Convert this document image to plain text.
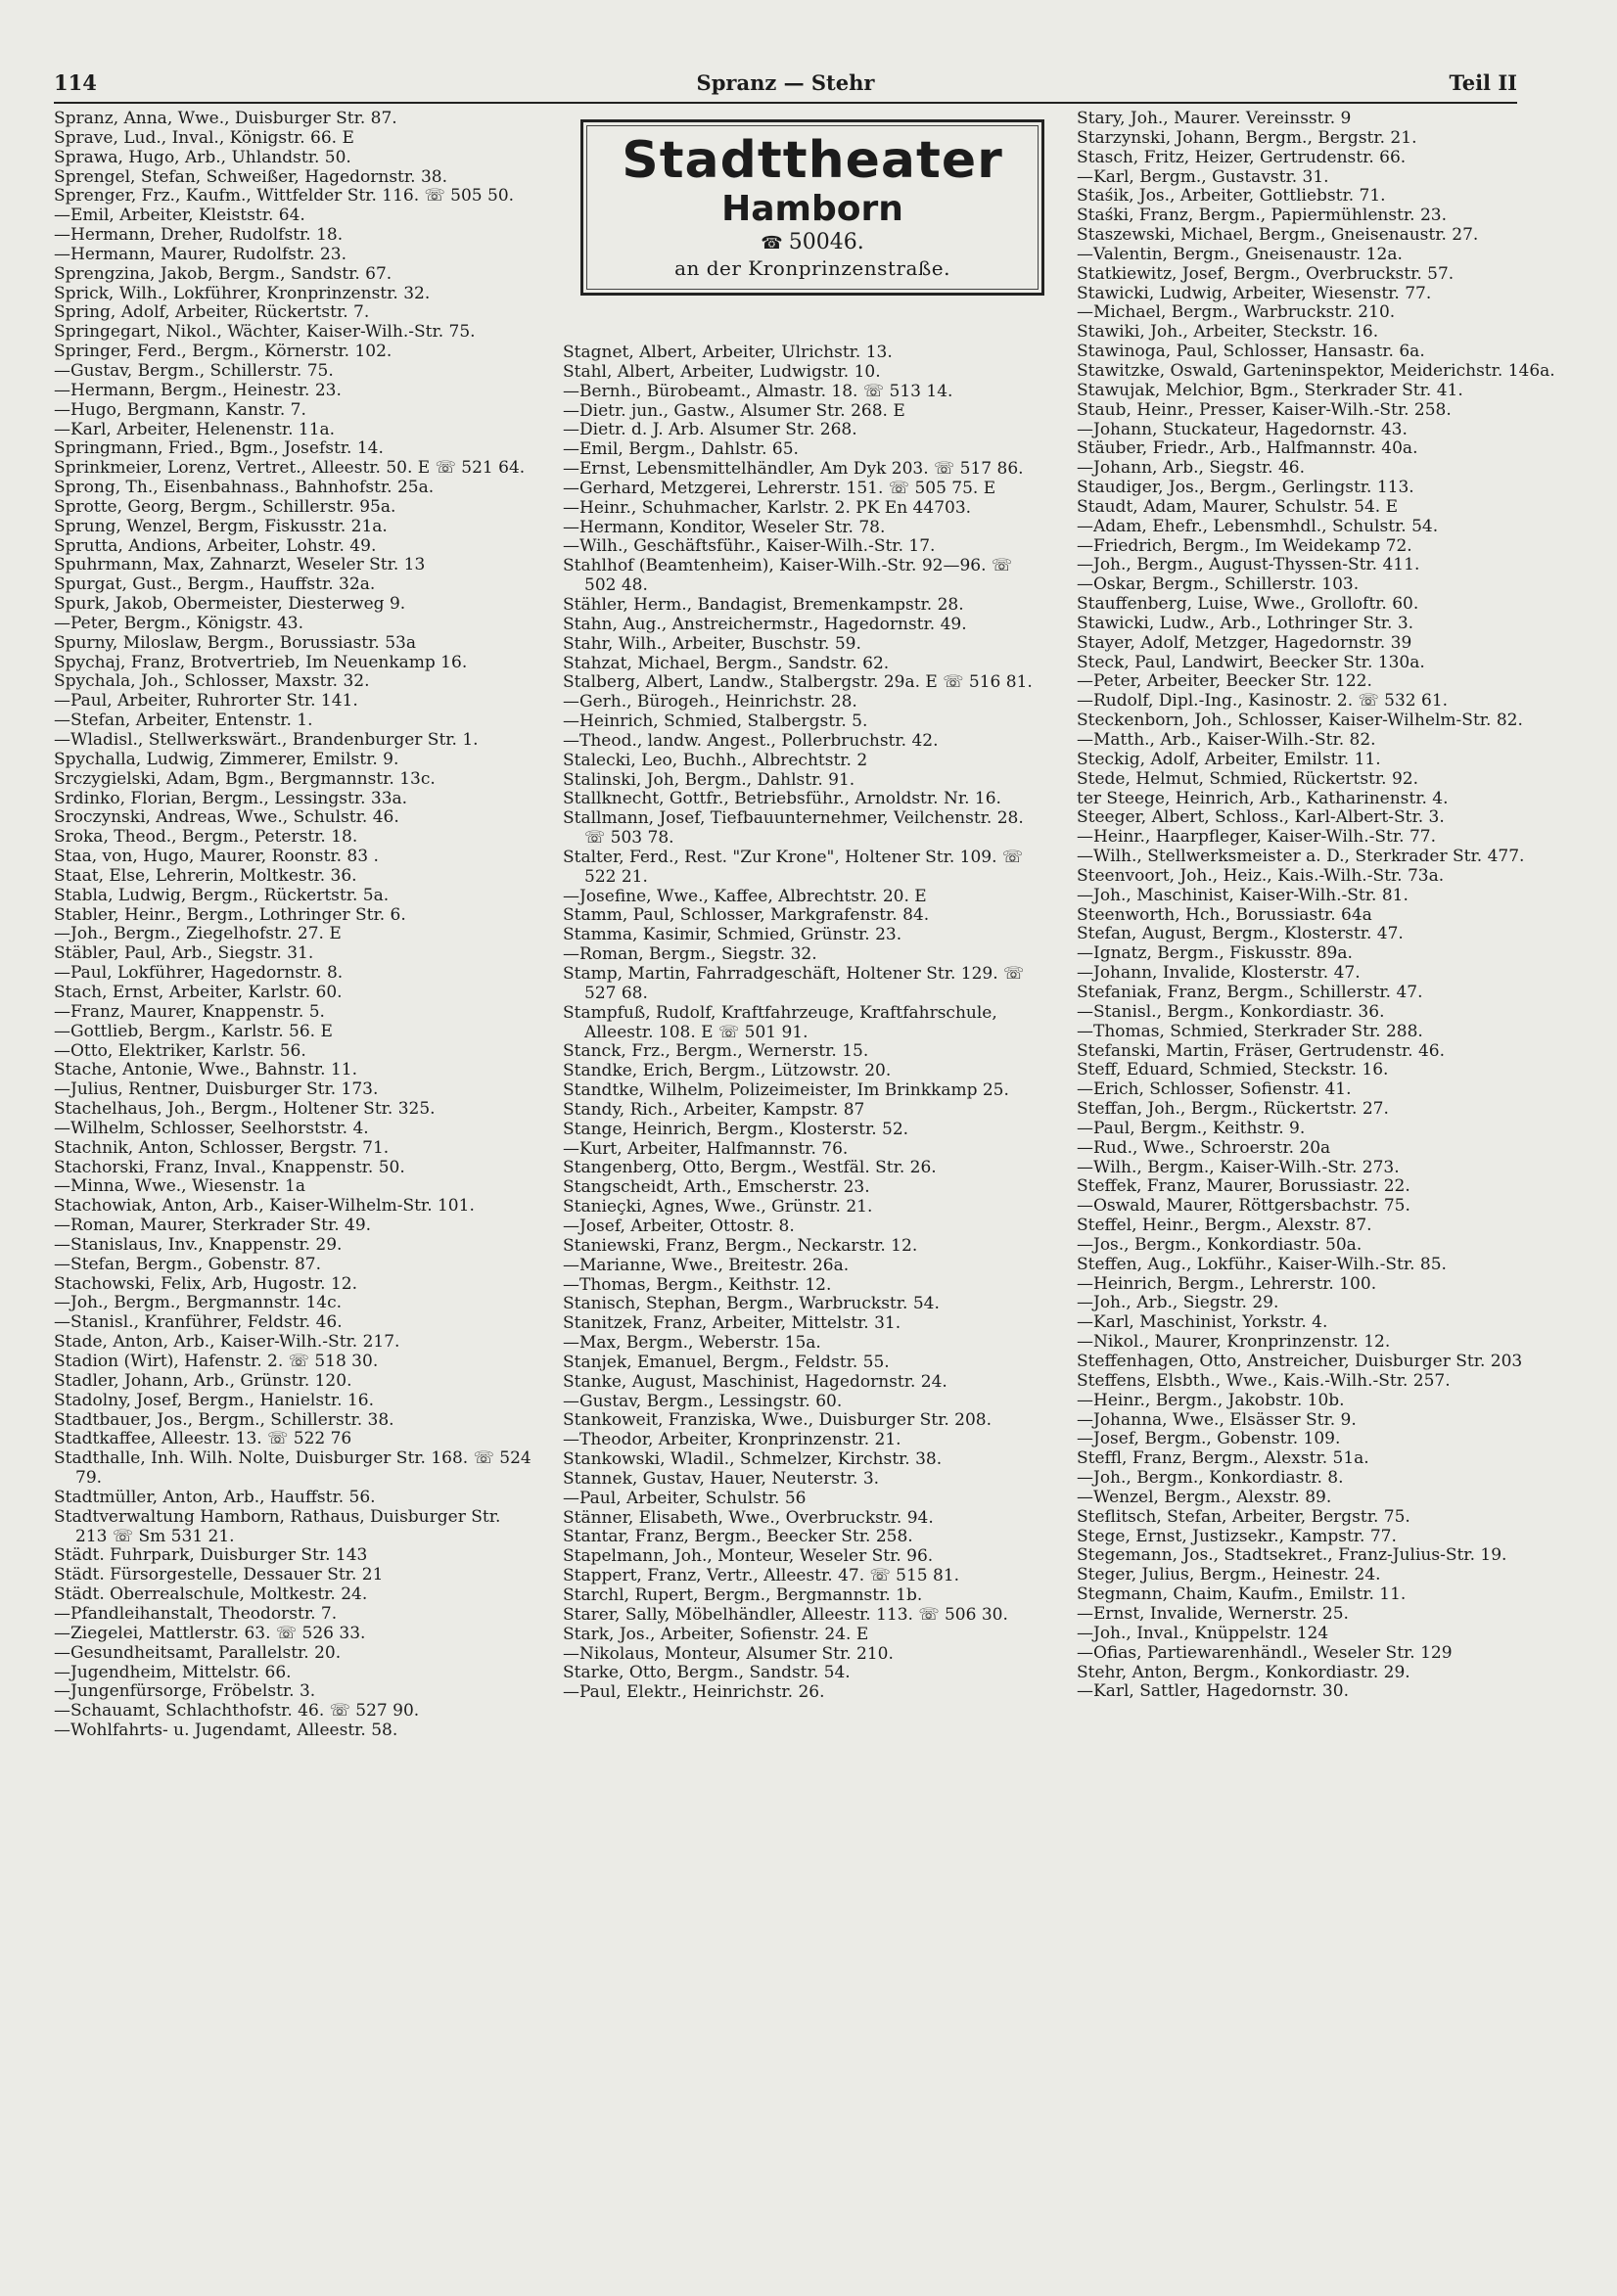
114	Spranz — Stehr	Teil II
Stadttheater
Hamborn
☎ 50046.
an der Kronprinzenstraße.
Spranz, Anna, Wwe., Duisburger Str. 87.
Sprave, Lud., Inval., Königstr. 66. E
Sprawa, Hugo, Arb., Uhlandstr. 50.
Sprengel, Stefan, Schweißer, Hagedornstr. 38.
Sprenger, Frz., Kaufm., Wittfelder Str. 116. ☏ 505 50.
—Emil, Arbeiter, Kleiststr. 64.
—Hermann, Dreher, Rudolfstr. 18.
—Hermann, Maurer, Rudolfstr. 23.
Sprengzina, Jakob, Bergm., Sandstr. 67.
Sprick, Wilh., Lokführer, Kronprinzenstr. 32.
Spring, Adolf, Arbeiter, Rückertstr. 7.
Springegart, Nikol., Wächter, Kaiser-Wilh.-Str. 75.
Springer, Ferd., Bergm., Körnerstr. 102.
—Gustav, Bergm., Schillerstr. 75.
—Hermann, Bergm., Heinestr. 23.
—Hugo, Bergmann, Kanstr. 7.
—Karl, Arbeiter, Helenenstr. 11a.
Springmann, Fried., Bgm., Josefstr. 14.
Sprinkmeier, Lorenz, Vertret., Alleestr. 50. E ☏ 521 64.
Sprong, Th., Eisenbahnass., Bahnhofstr. 25a.
Sprotte, Georg, Bergm., Schillerstr. 95a.
Sprung, Wenzel, Bergm, Fiskusstr. 21a.
Sprutta, Andions, Arbeiter, Lohstr. 49.
Spuhrmann, Max, Zahnarzt, Weseler Str. 13
Spurgat, Gust., Bergm., Hauffstr. 32a.
Spurk, Jakob, Obermeister, Diesterweg 9.
—Peter, Bergm., Königstr. 43.
Spurny, Miloslaw, Bergm., Borussiastr. 53a
Spychaj, Franz, Brotvertrieb, Im Neuenkamp 16.
Spychala, Joh., Schlosser, Maxstr. 32.
—Paul, Arbeiter, Ruhrorter Str. 141.
—Stefan, Arbeiter, Entenstr. 1.
—Wladisl., Stellwerkswärt., Brandenburger Str. 1.
Spychalla, Ludwig, Zimmerer, Emilstr. 9.
Srczygielski, Adam, Bgm., Bergmannstr. 13c.
Srdinko, Florian, Bergm., Lessingstr. 33a.
Sroczynski, Andreas, Wwe., Schulstr. 46.
Sroka, Theod., Bergm., Peterstr. 18.
Staa, von, Hugo, Maurer, Roonstr. 83 .
Staat, Else, Lehrerin, Moltkestr. 36.
Stabla, Ludwig, Bergm., Rückertstr. 5a.
Stabler, Heinr., Bergm., Lothringer Str. 6.
—Joh., Bergm., Ziegelhofstr. 27. E
Stäbler, Paul, Arb., Siegstr. 31.
—Paul, Lokführer, Hagedornstr. 8.
Stach, Ernst, Arbeiter, Karlstr. 60.
—Franz, Maurer, Knappenstr. 5.
—Gottlieb, Bergm., Karlstr. 56. E
—Otto, Elektriker, Karlstr. 56.
Stache, Antonie, Wwe., Bahnstr. 11.
—Julius, Rentner, Duisburger Str. 173.
Stachelhaus, Joh., Bergm., Holtener Str. 325.
—Wilhelm, Schlosser, Seelhorststr. 4.
Stachnik, Anton, Schlosser, Bergstr. 71.
Stachorski, Franz, Inval., Knappenstr. 50.
—Minna, Wwe., Wiesenstr. 1a
Stachowiak, Anton, Arb., Kaiser-Wilhelm-Str. 101.
—Roman, Maurer, Sterkrader Str. 49.
—Stanislaus, Inv., Knappenstr. 29.
—Stefan, Bergm., Gobenstr. 87.
Stachowski, Felix, Arb, Hugostr. 12.
—Joh., Bergm., Bergmannstr. 14c.
—Stanisl., Kranführer, Feldstr. 46.
Stade, Anton, Arb., Kaiser-Wilh.-Str. 217.
Stadion (Wirt), Hafenstr. 2. ☏ 518 30.
Stadler, Johann, Arb., Grünstr. 120.
Stadolny, Josef, Bergm., Hanielstr. 16.
Stadtbauer, Jos., Bergm., Schillerstr. 38.
Stadtkaffee, Alleestr. 13. ☏ 522 76
Stadthalle, Inh. Wilh. Nolte, Duisburger Str. 168. ☏ 524 79.
Stadtmüller, Anton, Arb., Hauffstr. 56.
Stadtverwaltung Hamborn, Rathaus, Duisburger Str. 213 ☏ Sm 531 21.
Städt. Fuhrpark, Duisburger Str. 143
Städt. Fürsorgestelle, Dessauer Str. 21
Städt. Oberrealschule, Moltkestr. 24.
—Pfandleihanstalt, Theodorstr. 7.
—Ziegelei, Mattlerstr. 63. ☏ 526 33.
—Gesundheitsamt, Parallelstr. 20.
—Jugendheim, Mittelstr. 66.
—Jungenfürsorge, Fröbelstr. 3.
—Schauamt, Schlachthofstr. 46. ☏ 527 90.
—Wohlfahrts- u. Jugendamt, Alleestr. 58.
Stagnet, Albert, Arbeiter, Ulrichstr. 13.
Stahl, Albert, Arbeiter, Ludwigstr. 10.
—Bernh., Bürobeamt., Almastr. 18. ☏ 513 14.
—Dietr. jun., Gastw., Alsumer Str. 268. E
—Dietr. d. J. Arb. Alsumer Str. 268.
—Emil, Bergm., Dahlstr. 65.
—Ernst, Lebensmittelhändler, Am Dyk 203. ☏ 517 86.
—Gerhard, Metzgerei, Lehrerstr. 151. ☏ 505 75. E
—Heinr., Schuhmacher, Karlstr. 2. PK En 44703.
—Hermann, Konditor, Weseler Str. 78.
—Wilh., Geschäftsführ., Kaiser-Wilh.-Str. 17.
Stahlhof (Beamtenheim), Kaiser-Wilh.-Str. 92—96. ☏ 502 48.
Stähler, Herm., Bandagist, Bremenkampstr. 28.
Stahn, Aug., Anstreichermstr., Hagedornstr. 49.
Stahr, Wilh., Arbeiter, Buschstr. 59.
Stahzat, Michael, Bergm., Sandstr. 62.
Stalberg, Albert, Landw., Stalbergstr. 29a. E ☏ 516 81.
—Gerh., Bürogeh., Heinrichstr. 28.
—Heinrich, Schmied, Stalbergstr. 5.
—Theod., landw. Angest., Pollerbruchstr. 42.
Stalecki, Leo, Buchh., Albrechtstr. 2
Stalinski, Joh, Bergm., Dahlstr. 91.
Stallknecht, Gottfr., Betriebsführ., Arnoldstr. Nr. 16.
Stallmann, Josef, Tiefbauunternehmer, Veilchenstr. 28. ☏ 503 78.
Stalter, Ferd., Rest. "Zur Krone", Holtener Str. 109. ☏ 522 21.
—Josefine, Wwe., Kaffee, Albrechtstr. 20. E
Stamm, Paul, Schlosser, Markgrafenstr. 84.
Stamma, Kasimir, Schmied, Grünstr. 23.
—Roman, Bergm., Siegstr. 32.
Stamp, Martin, Fahrradgeschäft, Holtener Str. 129. ☏ 527 68.
Stampfuß, Rudolf, Kraftfahrzeuge, Kraftfahrschule, Alleestr. 108. E ☏ 501 91.
Stanck, Frz., Bergm., Wernerstr. 15.
Standke, Erich, Bergm., Lützowstr. 20.
Standtke, Wilhelm, Polizeimeister, Im Brinkkamp 25.
Standy, Rich., Arbeiter, Kampstr. 87
Stange, Heinrich, Bergm., Klosterstr. 52.
—Kurt, Arbeiter, Halfmannstr. 76.
Stangenberg, Otto, Bergm., Westfäl. Str. 26.
Stangscheidt, Arth., Emscherstr. 23.
Stanieçki, Agnes, Wwe., Grünstr. 21.
—Josef, Arbeiter, Ottostr. 8.
Staniewski, Franz, Bergm., Neckarstr. 12.
—Marianne, Wwe., Breitestr. 26a.
—Thomas, Bergm., Keithstr. 12.
Stanisch, Stephan, Bergm., Warbruckstr. 54.
Stanitzek, Franz, Arbeiter, Mittelstr. 31.
—Max, Bergm., Weberstr. 15a.
Stanjek, Emanuel, Bergm., Feldstr. 55.
Stanke, August, Maschinist, Hagedornstr. 24.
—Gustav, Bergm., Lessingstr. 60.
Stankoweit, Franziska, Wwe., Duisburger Str. 208.
—Theodor, Arbeiter, Kronprinzenstr. 21.
Stankowski, Wladil., Schmelzer, Kirchstr. 38.
Stannek, Gustav, Hauer, Neuterstr. 3.
—Paul, Arbeiter, Schulstr. 56
Stänner, Elisabeth, Wwe., Overbruckstr. 94.
Stantar, Franz, Bergm., Beecker Str. 258.
Stapelmann, Joh., Monteur, Weseler Str. 96.
Stappert, Franz, Vertr., Alleestr. 47. ☏ 515 81.
Starchl, Rupert, Bergm., Bergmannstr. 1b.
Starer, Sally, Möbelhändler, Alleestr. 113. ☏ 506 30.
Stark, Jos., Arbeiter, Sofienstr. 24. E
—Nikolaus, Monteur, Alsumer Str. 210.
Starke, Otto, Bergm., Sandstr. 54.
—Paul, Elektr., Heinrichstr. 26.
Stary, Joh., Maurer. Vereinsstr. 9
Starzynski, Johann, Bergm., Bergstr. 21.
Stasch, Fritz, Heizer, Gertrudenstr. 66.
—Karl, Bergm., Gustavstr. 31.
Staśik, Jos., Arbeiter, Gottliebstr. 71.
Staśki, Franz, Bergm., Papiermühlenstr. 23.
Staszewski, Michael, Bergm., Gneisenaustr. 27.
—Valentin, Bergm., Gneisenaustr. 12a.
Statkiewitz, Josef, Bergm., Overbruckstr. 57.
Stawicki, Ludwig, Arbeiter, Wiesenstr. 77.
—Michael, Bergm., Warbruckstr. 210.
Stawiki, Joh., Arbeiter, Steckstr. 16.
Stawinoga, Paul, Schlosser, Hansastr. 6a.
Stawitzke, Oswald, Garteninspektor, Meiderichstr. 146a.
Stawujak, Melchior, Bgm., Sterkrader Str. 41.
Staub, Heinr., Presser, Kaiser-Wilh.-Str. 258.
—Johann, Stuckateur, Hagedornstr. 43.
Stäuber, Friedr., Arb., Halfmannstr. 40a.
—Johann, Arb., Siegstr. 46.
Staudiger, Jos., Bergm., Gerlingstr. 113.
Staudt, Adam, Maurer, Schulstr. 54. E
—Adam, Ehefr., Lebensmhdl., Schulstr. 54.
—Friedrich, Bergm., Im Weidekamp 72.
—Joh., Bergm., August-Thyssen-Str. 411.
—Oskar, Bergm., Schillerstr. 103.
Stauffenberg, Luise, Wwe., Grolloftr. 60.
Stawicki, Ludw., Arb., Lothringer Str. 3.
Stayer, Adolf, Metzger, Hagedornstr. 39
Steck, Paul, Landwirt, Beecker Str. 130a.
—Peter, Arbeiter, Beecker Str. 122.
—Rudolf, Dipl.-Ing., Kasinostr. 2. ☏ 532 61.
Steckenborn, Joh., Schlosser, Kaiser-Wilhelm-Str. 82.
—Matth., Arb., Kaiser-Wilh.-Str. 82.
Steckig, Adolf, Arbeiter, Emilstr. 11.
Stede, Helmut, Schmied, Rückertstr. 92.
ter Steege, Heinrich, Arb., Katharinenstr. 4.
Steeger, Albert, Schloss., Karl-Albert-Str. 3.
—Heinr., Haarpfleger, Kaiser-Wilh.-Str. 77.
—Wilh., Stellwerksmeister a. D., Sterkrader Str. 477.
Steenvoort, Joh., Heiz., Kais.-Wilh.-Str. 73a.
—Joh., Maschinist, Kaiser-Wilh.-Str. 81.
Steenworth, Hch., Borussiastr. 64a
Stefan, August, Bergm., Klosterstr. 47.
—Ignatz, Bergm., Fiskusstr. 89a.
—Johann, Invalide, Klosterstr. 47.
Stefaniak, Franz, Bergm., Schillerstr. 47.
—Stanisl., Bergm., Konkordiastr. 36.
—Thomas, Schmied, Sterkrader Str. 288.
Stefanski, Martin, Fräser, Gertrudenstr. 46.
Steff, Eduard, Schmied, Steckstr. 16.
—Erich, Schlosser, Sofienstr. 41.
Steffan, Joh., Bergm., Rückertstr. 27.
—Paul, Bergm., Keithstr. 9.
—Rud., Wwe., Schroerstr. 20a
—Wilh., Bergm., Kaiser-Wilh.-Str. 273.
Steffek, Franz, Maurer, Borussiastr. 22.
—Oswald, Maurer, Röttgersbachstr. 75.
Steffel, Heinr., Bergm., Alexstr. 87.
—Jos., Bergm., Konkordiastr. 50a.
Steffen, Aug., Lokführ., Kaiser-Wilh.-Str. 85.
—Heinrich, Bergm., Lehrerstr. 100.
—Joh., Arb., Siegstr. 29.
—Karl, Maschinist, Yorkstr. 4.
—Nikol., Maurer, Kronprinzenstr. 12.
Steffenhagen, Otto, Anstreicher, Duisburger Str. 203
Steffens, Elsbth., Wwe., Kais.-Wilh.-Str. 257.
—Heinr., Bergm., Jakobstr. 10b.
—Johanna, Wwe., Elsässer Str. 9.
—Josef, Bergm., Gobenstr. 109.
Steffl, Franz, Bergm., Alexstr. 51a.
—Joh., Bergm., Konkordiastr. 8.
—Wenzel, Bergm., Alexstr. 89.
Steflitsch, Stefan, Arbeiter, Bergstr. 75.
Stege, Ernst, Justizsekr., Kampstr. 77.
Stegemann, Jos., Stadtsekret., Franz-Julius-Str. 19.
Steger, Julius, Bergm., Heinestr. 24.
Stegmann, Chaim, Kaufm., Emilstr. 11.
—Ernst, Invalide, Wernerstr. 25.
—Joh., Inval., Knüppelstr. 124
—Ofias, Partiewarenhändl., Weseler Str. 129
Stehr, Anton, Bergm., Konkordiastr. 29.
—Karl, Sattler, Hagedornstr. 30.
